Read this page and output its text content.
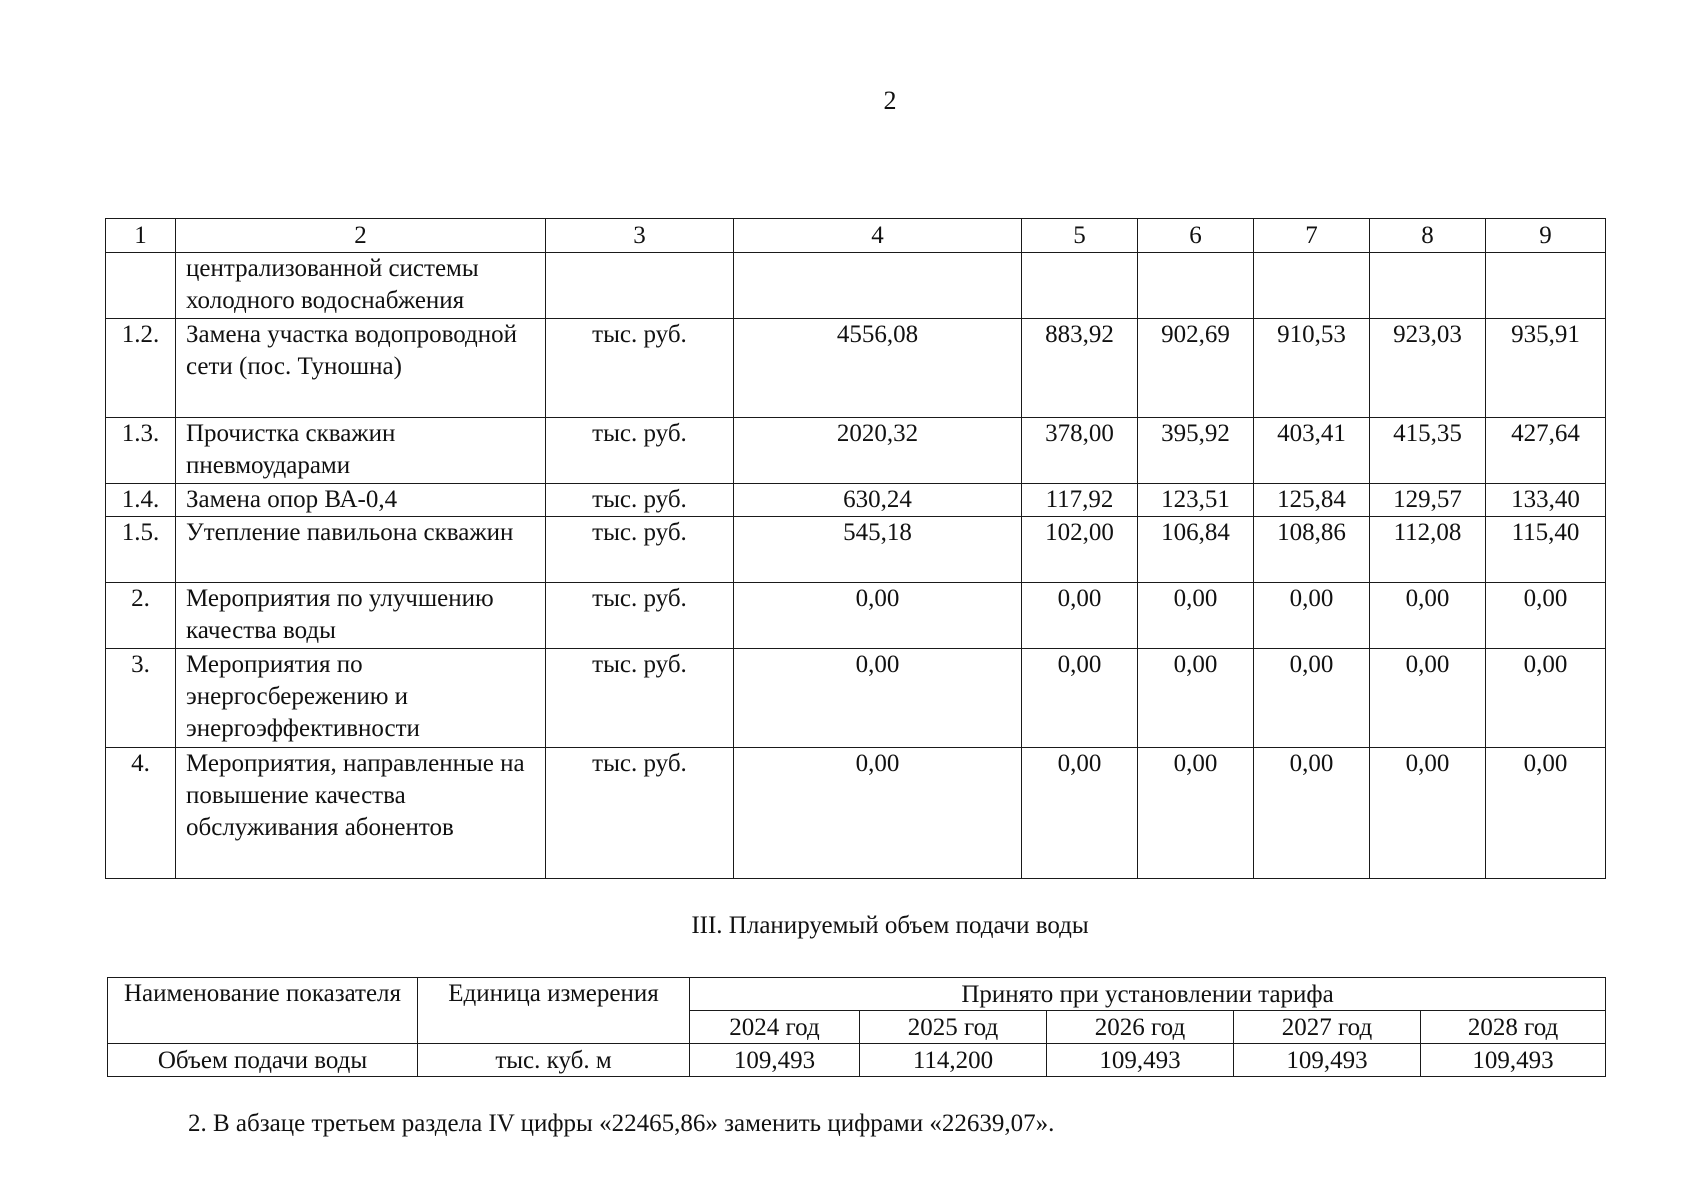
2
1	2	3	4	5	6	7	8	9
	централизованной системы холодного водоснабжения							
1.2.	Замена участка водопроводной сети (пос. Туношна)	тыс. руб.	4556,08	883,92	902,69	910,53	923,03	935,91
1.3.	Прочистка скважин пневмоударами	тыс. руб.	2020,32	378,00	395,92	403,41	415,35	427,64
1.4.	Замена опор ВА-0,4	тыс. руб.	630,24	117,92	123,51	125,84	129,57	133,40
1.5.	Утепление павильона скважин	тыс. руб.	545,18	102,00	106,84	108,86	112,08	115,40
2.	Мероприятия по улучшению качества воды	тыс. руб.	0,00	0,00	0,00	0,00	0,00	0,00
3.	Мероприятия по энергосбережению и энергоэффективности	тыс. руб.	0,00	0,00	0,00	0,00	0,00	0,00
4.	Мероприятия, направленные на повышение качества обслуживания абонентов	тыс. руб.	0,00	0,00	0,00	0,00	0,00	0,00
III. Планируемый объем подачи воды
Наименование показателя	Единица измерения	Принято при установлении тарифа				
		2024 год	2025 год	2026 год	2027 год	2028 год
Объем подачи воды	тыс. куб. м	109,493	114,200	109,493	109,493	109,493
2. В абзаце третьем раздела IV цифры «22465,86» заменить цифрами «22639,07».
